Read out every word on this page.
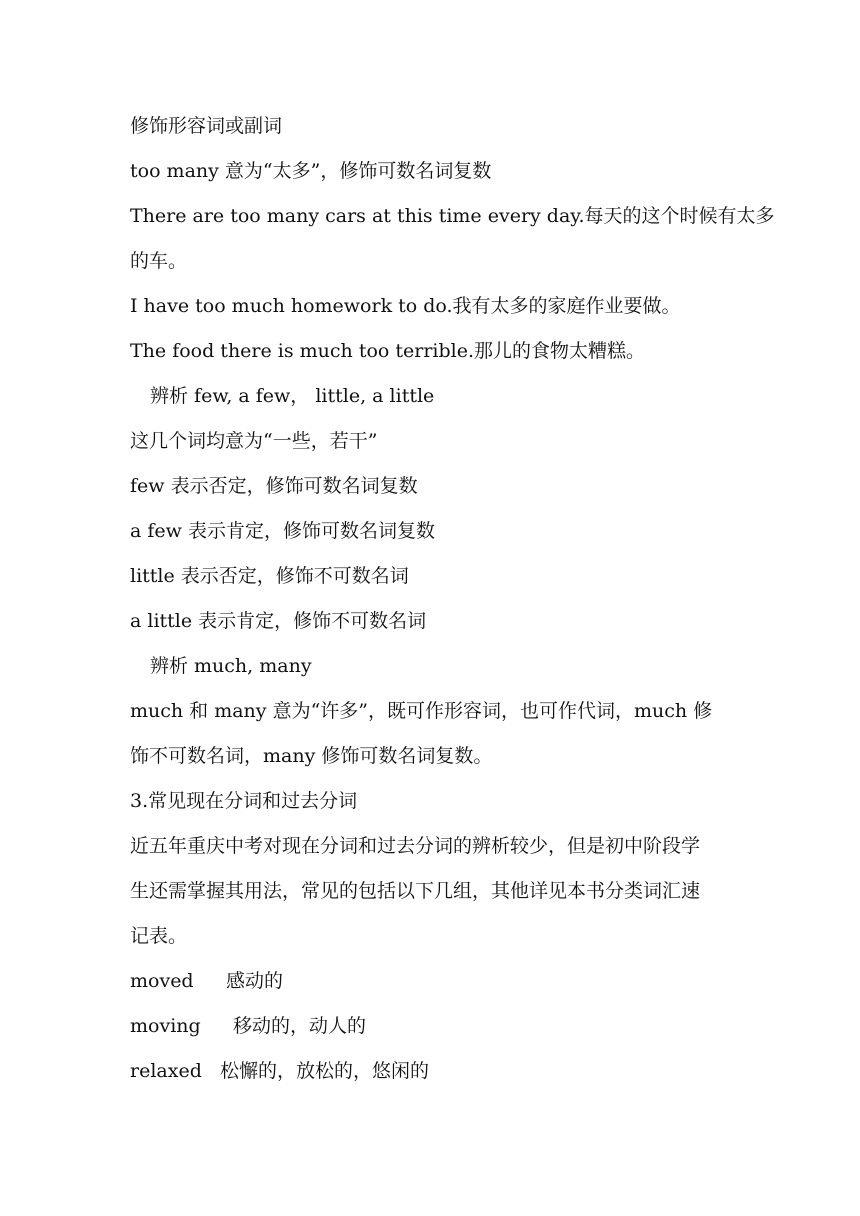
修饰形容词或副词
too many 意为“太多”，修饰可数名词复数
There are too many cars at this time every day.每天的这个时候有太多
的车。
I have too much homework to do.我有太多的家庭作业要做。
The food there is much too terrible.那儿的食物太糟糕。
辨析 few, a few， little, a little
这几个词均意为“一些，若干”
few 表示否定，修饰可数名词复数
a few 表示肯定，修饰可数名词复数
little 表示否定，修饰不可数名词
a little 表示肯定，修饰不可数名词
辨析 much, many
much 和 many 意为“许多”，既可作形容词，也可作代词，much 修
饰不可数名词，many 修饰可数名词复数。
3.常见现在分词和过去分词
近五年重庆中考对现在分词和过去分词的辨析较少，但是初中阶段学
生还需掌握其用法，常见的包括以下几组，其他详见本书分类词汇速
记表。
moved	感动的
moving	移动的，动人的
relaxed 松懈的，放松的，悠闲的
